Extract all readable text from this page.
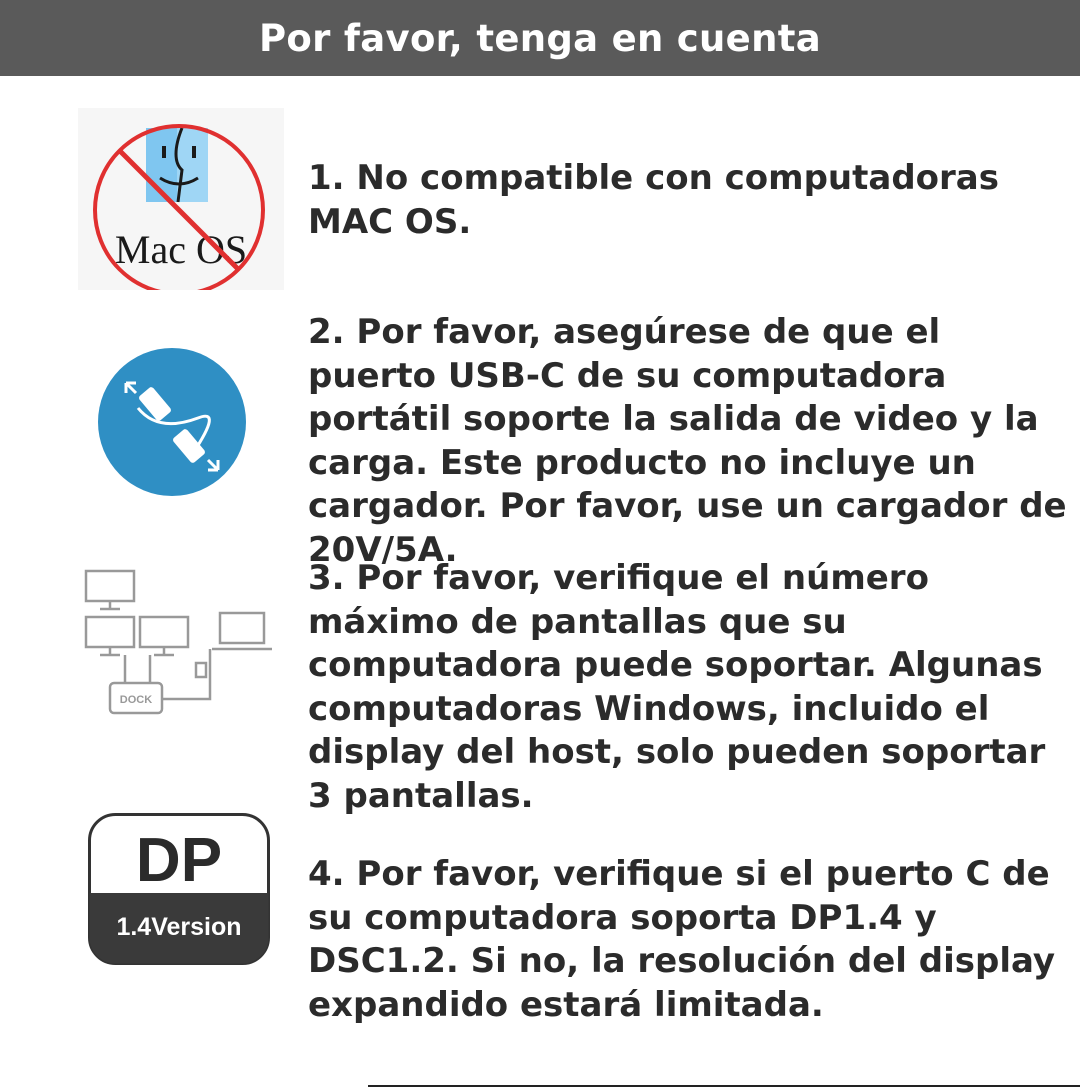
Por favor, tenga en cuenta
Mac OS
1. No compatible con computadoras MAC OS.
2. Por favor, asegúrese de que el puerto USB-C de su computadora portátil soporte la salida de video y la carga. Este producto no incluye un cargador. Por favor, use un cargador de 20V/5A.
DOCK
3. Por favor, verifique el número máximo de pantallas que su computadora puede soportar. Algunas computadoras Windows, incluido el display del host, solo pueden soportar 3 pantallas.
DP
1.4Version
4. Por favor, verifique si el puerto C de su computadora soporta DP1.4 y DSC1.2. Si no, la resolución del display expandido estará limitada.
